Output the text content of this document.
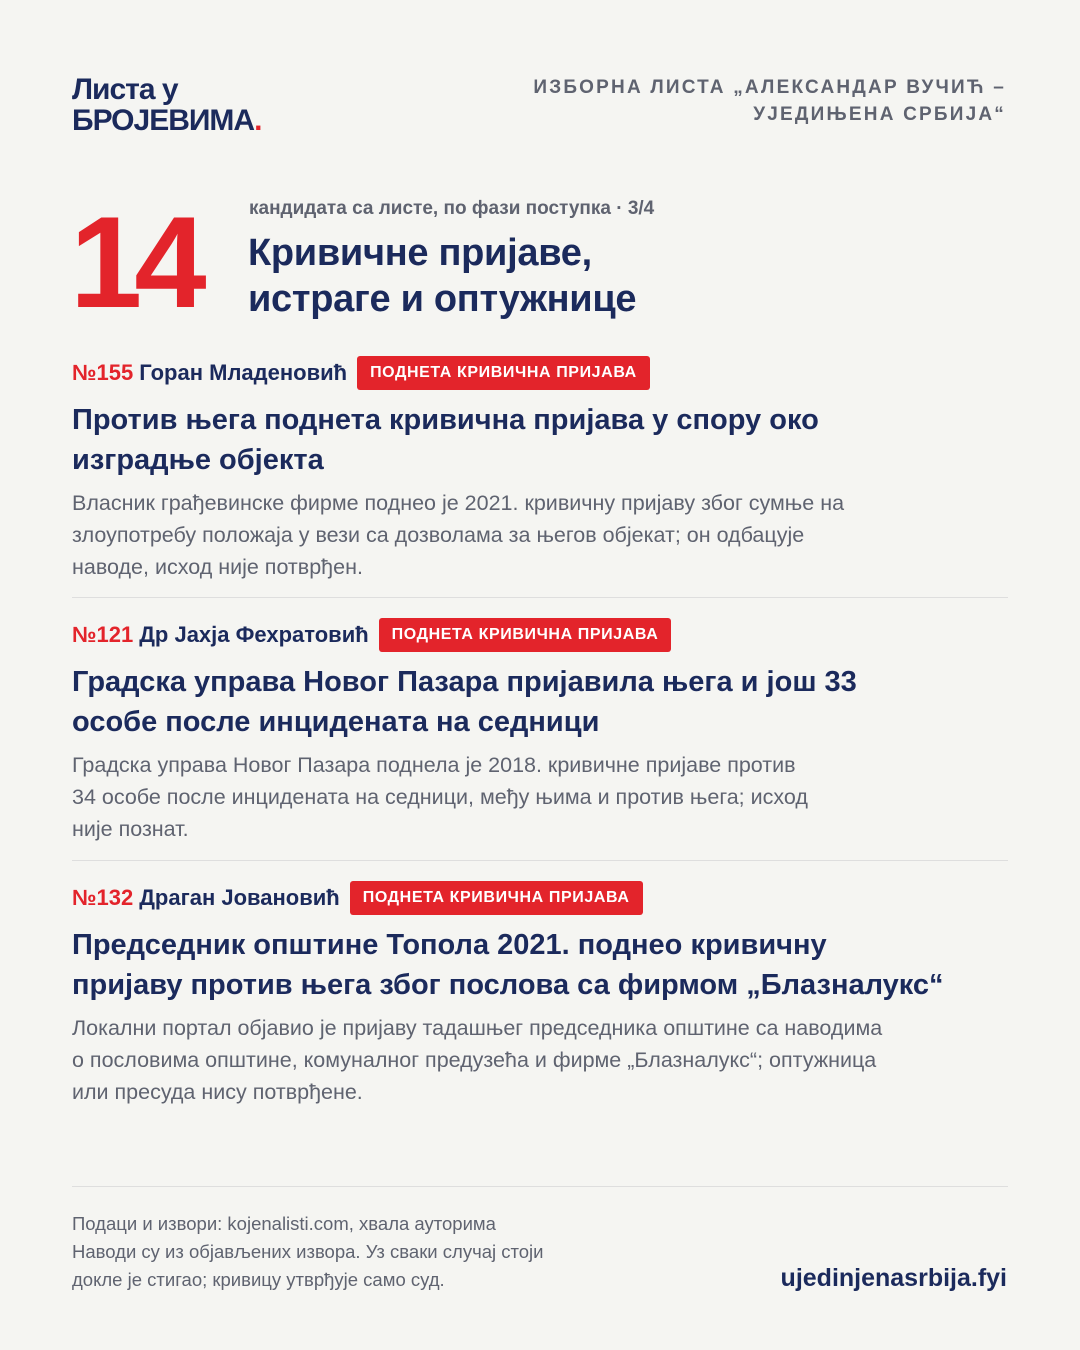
Листа у
БРОЈЕВИМА.
ИЗБОРНА ЛИСТА „АЛЕКСАНДАР ВУЧИЋ –
УЈЕДИЊЕНА СРБИЈА“
14	кандидата са листе, по фази поступка · 3/4
Кривичне пријаве,
истраге и оптужнице
№155 Горан Младеновић	ПОДНЕТА КРИВИЧНА ПРИЈАВА
Против њега поднета кривична пријава у спору око
изградње објекта
Власник грађевинске фирме поднео је 2021. кривичну пријаву због сумње на
злоупотребу положаја у вези са дозволама за његов објекат; он одбацује
наводе, исход није потврђен.
№121 Др Јахја Фехратовић	ПОДНЕТА КРИВИЧНА ПРИЈАВА
Градска управа Новог Пазара пријавила њега и још 33
особе после инцидената на седници
Градска управа Новог Пазара поднела је 2018. кривичне пријаве против
34 особе после инцидената на седници, међу њима и против њега; исход
није познат.
№132 Драган Јовановић	ПОДНЕТА КРИВИЧНА ПРИЈАВА
Председник општине Топола 2021. поднео кривичну
пријаву против њега због послова са фирмом „Блазналукс“
Локални портал објавио је пријаву тадашњег председника општине са наводима
о пословима општине, комуналног предузећа и фирме „Блазналукс“; оптужница
или пресуда нису потврђене.
Подаци и извори: kojenalisti.com, хвала ауторима
Наводи су из објављених извора. Уз сваки случај стоји
докле је стигао; кривицу утврђује само суд.	ujedinjenasrbija.fyi
